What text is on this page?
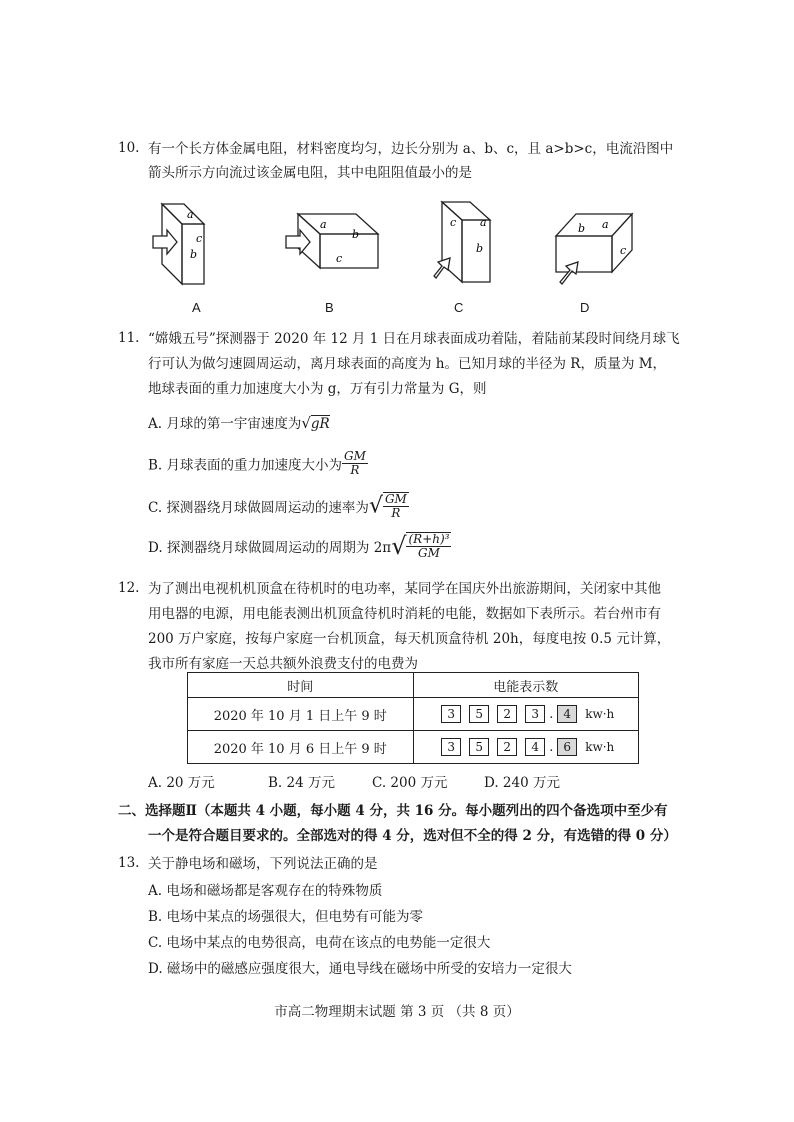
10. 有一个长方体金属电阻，材料密度均匀，边长分别为 a、b、c，且 a>b>c，电流沿图中
箭头所示方向流过该金属电阻，其中电阻阻值最小的是
a
c
b
A
a
b
c
B
c a
b
C
b a
c
D
11. “嫦娥五号”探测器于 2020 年 12 月 1 日在月球表面成功着陆，着陆前某段时间绕月球飞
行可认为做匀速圆周运动，离月球表面的高度为 h。已知月球的半径为 R，质量为 M，
地球表面的重力加速度大小为 g，万有引力常量为 G，则
A. 月球的第一宇宙速度为√gR
B. 月球表面的重力加速度大小为 $\frac{GM}{R}$
C. 探测器绕月球做圆周运动的速率为√ $\frac{GM}{R}$
D. 探测器绕月球做圆周运动的周期为 $2\pi√ \frac{\text{(R+h)³}}{GM}$
12. 为了测出电视机机顶盒在待机时的电功率，某同学在国庆外出旅游期间，关闭家中其他
用电器的电源，用电能表测出机顶盒待机时消耗的电能，数据如下表所示。若台州市有
200 万户家庭，按每户家庭一台机顶盒，每天机顶盒待机 20h，每度电按 0.5 元计算，
我市所有家庭一天总共额外浪费支付的电费为
时间	电能表示数
2020 年 10 月 1 日上午 9 时	3 5 2 3 . 4 kw·h
2020 年 10 月 6 日上午 9 时	3 5 2 4 . 6 kw·h
A. 20 万元	B. 24 万元	C. 200 万元	D. 240 万元
二、选择题Ⅱ（本题共 4 小题，每小题 4 分，共 16 分。每小题列出的四个备选项中至少有
一个是符合题目要求的。全部选对的得 4 分，选对但不全的得 2 分，有选错的得 0 分）
13. 关于静电场和磁场，下列说法正确的是
A. 电场和磁场都是客观存在的特殊物质
B. 电场中某点的场强很大，但电势有可能为零
C. 电场中某点的电势很高，电荷在该点的电势能一定很大
D. 磁场中的磁感应强度很大，通电导线在磁场中所受的安培力一定很大
市高二物理期末试题 第 3 页 （共 8 页）
